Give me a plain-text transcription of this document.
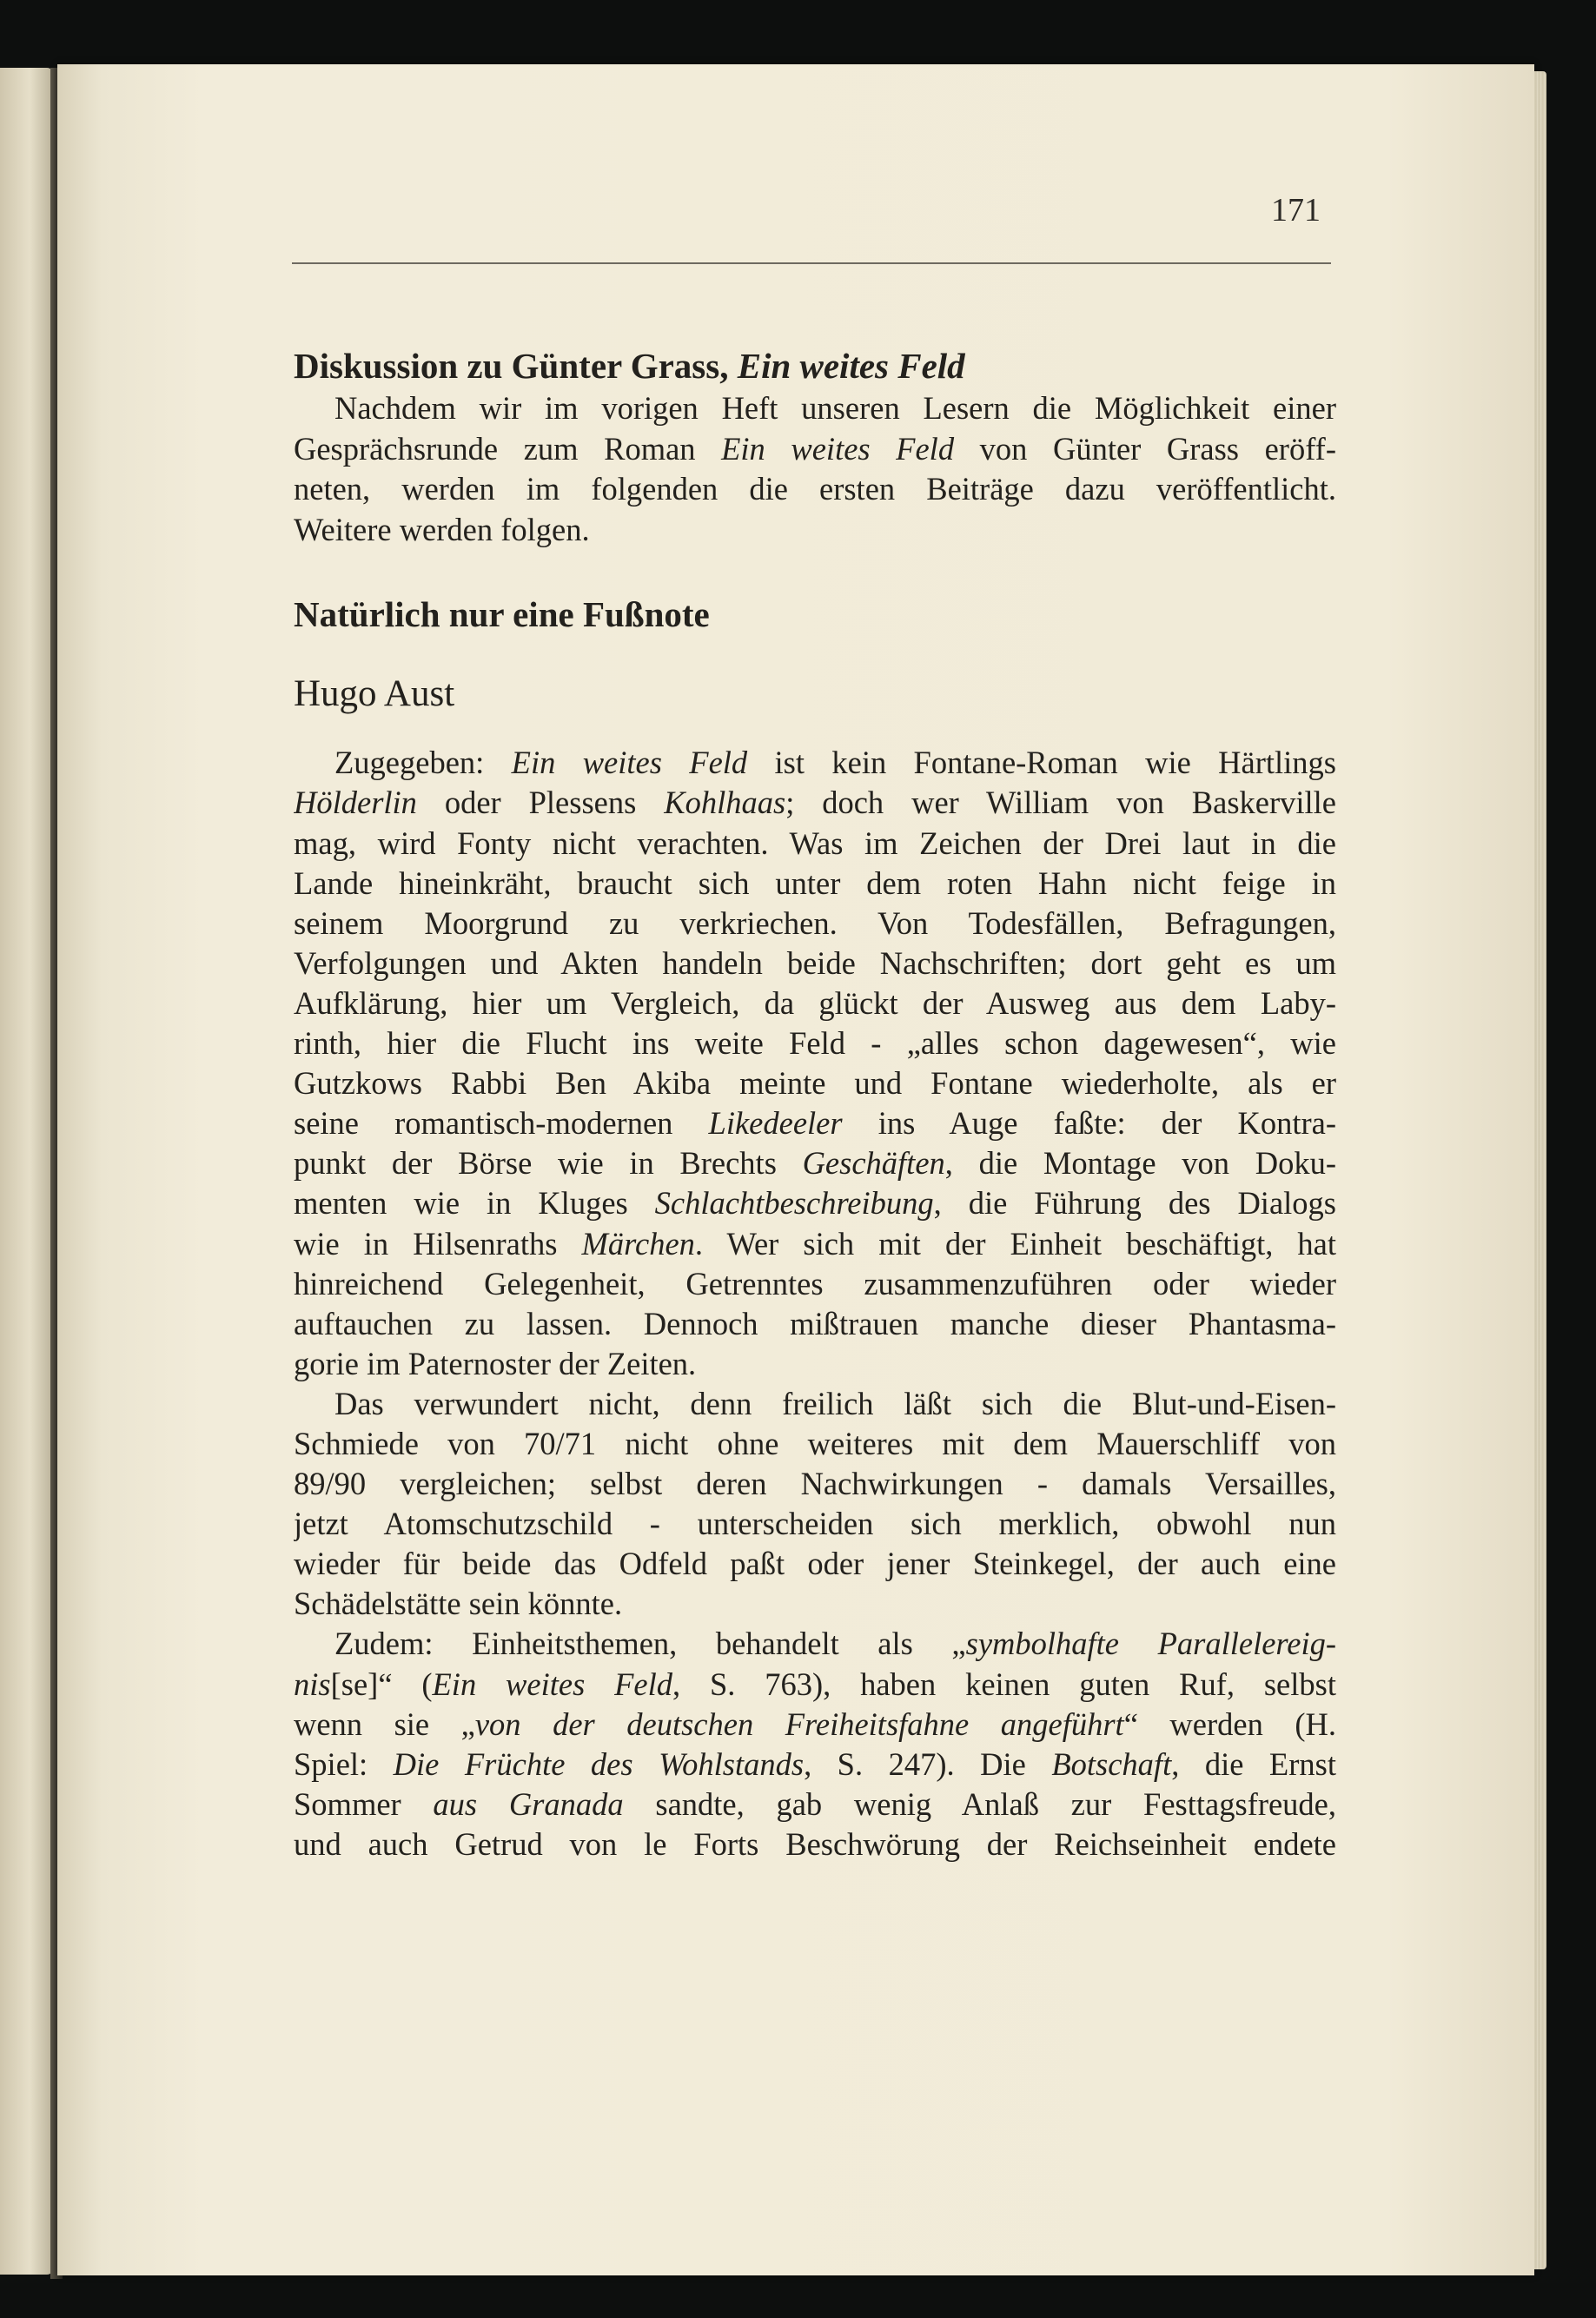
171
Diskussion zu Günter Grass, Ein weites Feld
Nachdem wir im vorigen Heft unseren Lesern die Möglichkeit einer
Gesprächsrunde zum Roman Ein weites Feld von Günter Grass eröff-
neten, werden im folgenden die ersten Beiträge dazu veröffentlicht.
Weitere werden folgen.
Natürlich nur eine Fußnote
Hugo Aust
Zugegeben: Ein weites Feld ist kein Fontane-Roman wie Härtlings
Hölderlin oder Plessens Kohlhaas; doch wer William von Baskerville
mag, wird Fonty nicht verachten. Was im Zeichen der Drei laut in die
Lande hineinkräht, braucht sich unter dem roten Hahn nicht feige in
seinem Moorgrund zu verkriechen. Von Todesfällen, Befragungen,
Verfolgungen und Akten handeln beide Nachschriften; dort geht es um
Aufklärung, hier um Vergleich, da glückt der Ausweg aus dem Laby-
rinth, hier die Flucht ins weite Feld - „alles schon dagewesen“, wie
Gutzkows Rabbi Ben Akiba meinte und Fontane wiederholte, als er
seine romantisch-modernen Likedeeler ins Auge faßte: der Kontra-
punkt der Börse wie in Brechts Geschäften, die Montage von Doku-
menten wie in Kluges Schlachtbeschreibung, die Führung des Dialogs
wie in Hilsenraths Märchen. Wer sich mit der Einheit beschäftigt, hat
hinreichend Gelegenheit, Getrenntes zusammenzuführen oder wieder
auftauchen zu lassen. Dennoch mißtrauen manche dieser Phantasma-
gorie im Paternoster der Zeiten.
Das verwundert nicht, denn freilich läßt sich die Blut-und-Eisen-
Schmiede von 70/71 nicht ohne weiteres mit dem Mauerschliff von
89/90 vergleichen; selbst deren Nachwirkungen - damals Versailles,
jetzt Atomschutzschild - unterscheiden sich merklich, obwohl nun
wieder für beide das Odfeld paßt oder jener Steinkegel, der auch eine
Schädelstätte sein könnte.
Zudem: Einheitsthemen, behandelt als „symbolhafte Parallelereig-
nis[se]“ (Ein weites Feld, S. 763), haben keinen guten Ruf, selbst
wenn sie „von der deutschen Freiheitsfahne angeführt“ werden (H.
Spiel: Die Früchte des Wohlstands, S. 247). Die Botschaft, die Ernst
Sommer aus Granada sandte, gab wenig Anlaß zur Festtagsfreude,
und auch Getrud von le Forts Beschwörung der Reichseinheit endete
